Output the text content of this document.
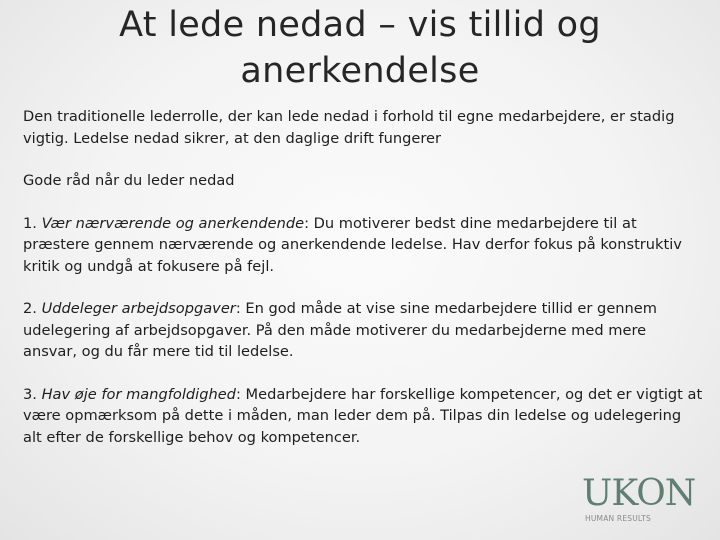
At lede nedad – vis tillid og anerkendelse

Den traditionelle lederrolle, der kan lede nedad i forhold til egne medarbejdere, er stadig vigtig. Ledelse nedad sikrer, at den daglige drift fungerer

Gode råd når du leder nedad

1. Vær nærværende og anerkendende: Du motiverer bedst dine medarbejdere til at præstere gennem nærværende og anerkendende ledelse. Hav derfor fokus på konstruktiv kritik og undgå at fokusere på fejl.

2. Uddeleger arbejdsopgaver: En god måde at vise sine medarbejdere tillid er gennem udelegering af arbejdsopgaver. På den måde motiverer du medarbejderne med mere ansvar, og du får mere tid til ledelse.

3. Hav øje for mangfoldighed: Medarbejdere har forskellige kompetencer, og det er vigtigt at være opmærksom på dette i måden, man leder dem på. Tilpas din ledelse og udelegering alt efter de forskellige behov og kompetencer.

UKON
HUMAN RESULTS
